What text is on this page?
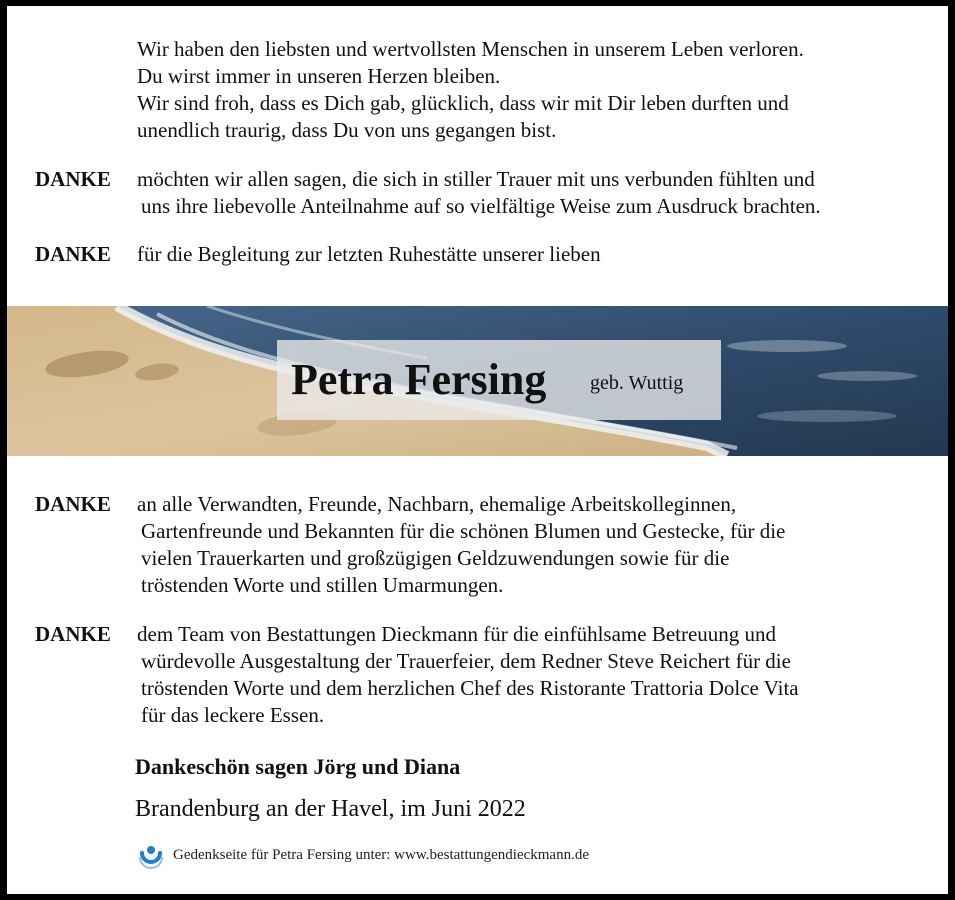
Wir haben den liebsten und wertvollsten Menschen in unserem Leben verloren.
Du wirst immer in unseren Herzen bleiben.
Wir sind froh, dass es Dich gab, glücklich, dass wir mit Dir leben durften und
unendlich traurig, dass Du von uns gegangen bist.
DANKE möchten wir allen sagen, die sich in stiller Trauer mit uns verbunden fühlten und
uns ihre liebevolle Anteilnahme auf so vielfältige Weise zum Ausdruck brachten.
DANKE für die Begleitung zur letzten Ruhestätte unserer lieben
Petra Fersing geb. Wuttig
DANKE an alle Verwandten, Freunde, Nachbarn, ehemalige Arbeitskolleginnen,
Gartenfreunde und Bekannten für die schönen Blumen und Gestecke, für die
vielen Trauerkarten und großzügigen Geldzuwendungen sowie für die
tröstenden Worte und stillen Umarmungen.
DANKE dem Team von Bestattungen Dieckmann für die einfühlsame Betreuung und
würdevolle Ausgestaltung der Trauerfeier, dem Redner Steve Reichert für die
tröstenden Worte und dem herzlichen Chef des Ristorante Trattoria Dolce Vita
für das leckere Essen.
Dankeschön sagen Jörg und Diana
Brandenburg an der Havel, im Juni 2022
Gedenkseite für Petra Fersing unter: www.bestattungendieckmann.de
